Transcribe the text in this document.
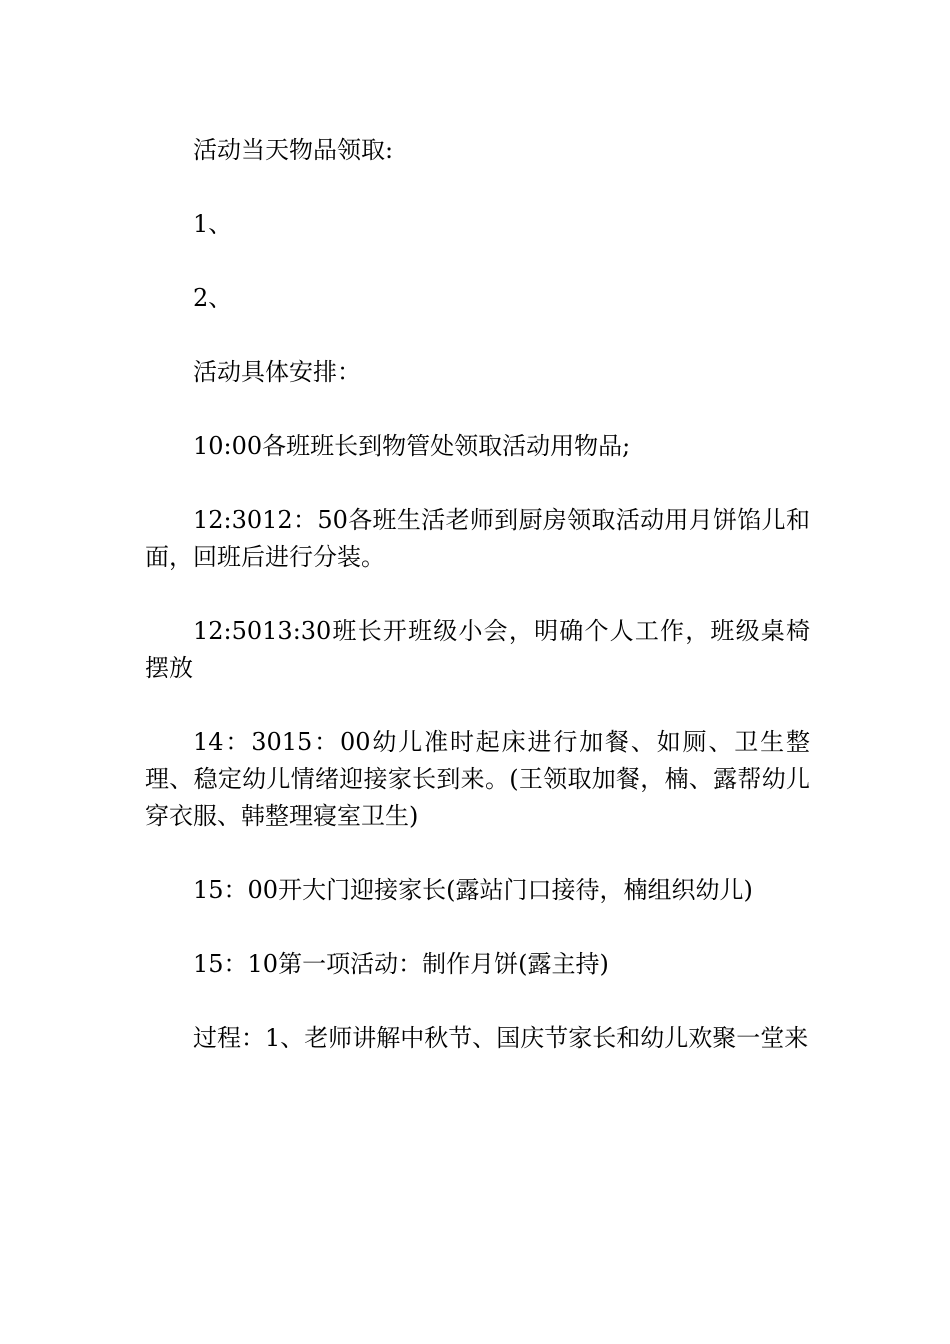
活动当天物品领取:

1、

2、

活动具体安排：

10:00各班班长到物管处领取活动用物品;

12:3012：50各班生活老师到厨房领取活动用月饼馅儿和面，回班后进行分装。

12:5013:30班长开班级小会，明确个人工作，班级桌椅摆放

14：3015：00幼儿准时起床进行加餐、如厕、卫生整理、稳定幼儿情绪迎接家长到来。(王领取加餐，楠、露帮幼儿穿衣服、韩整理寝室卫生)

15：00开大门迎接家长(露站门口接待，楠组织幼儿)

15：10第一项活动：制作月饼(露主持)

过程：1、老师讲解中秋节、国庆节家长和幼儿欢聚一堂来
